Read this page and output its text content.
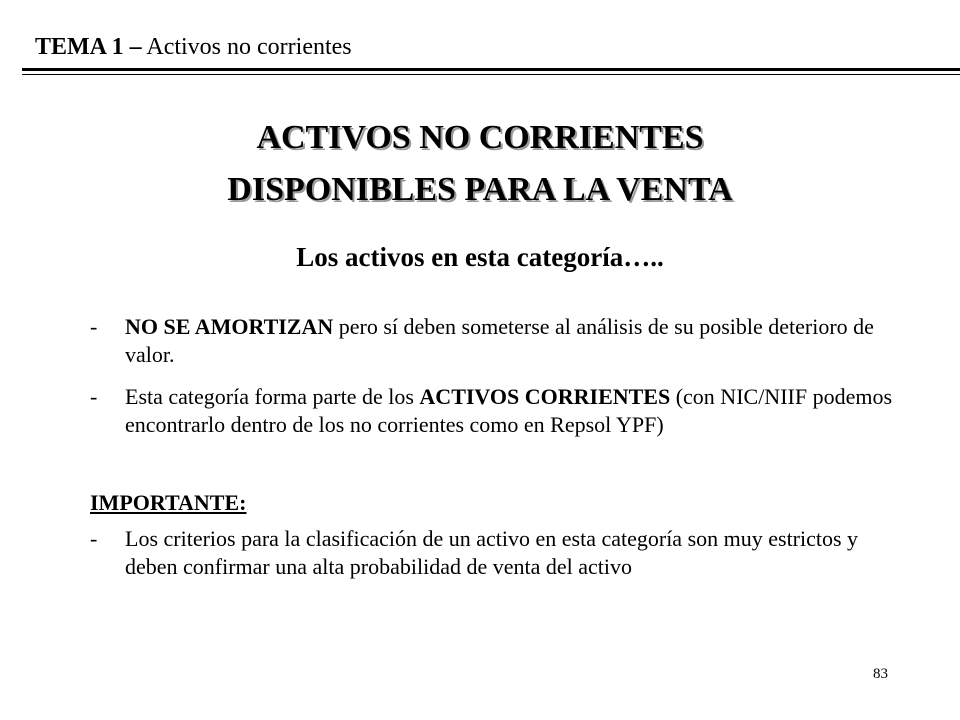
TEMA 1 – Activos no corrientes
ACTIVOS NO CORRIENTES
DISPONIBLES PARA LA VENTA
Los activos en esta categoría…..

- NO SE AMORTIZAN pero sí deben someterse al análisis de su posible deterioro de valor.

- Esta categoría forma parte de los ACTIVOS CORRIENTES (con NIC/NIIF podemos encontrarlo dentro de los no corrientes como en Repsol YPF)

IMPORTANTE:

- Los criterios para la clasificación de un activo en esta categoría son muy estrictos y deben confirmar una alta probabilidad de venta del activo

83
